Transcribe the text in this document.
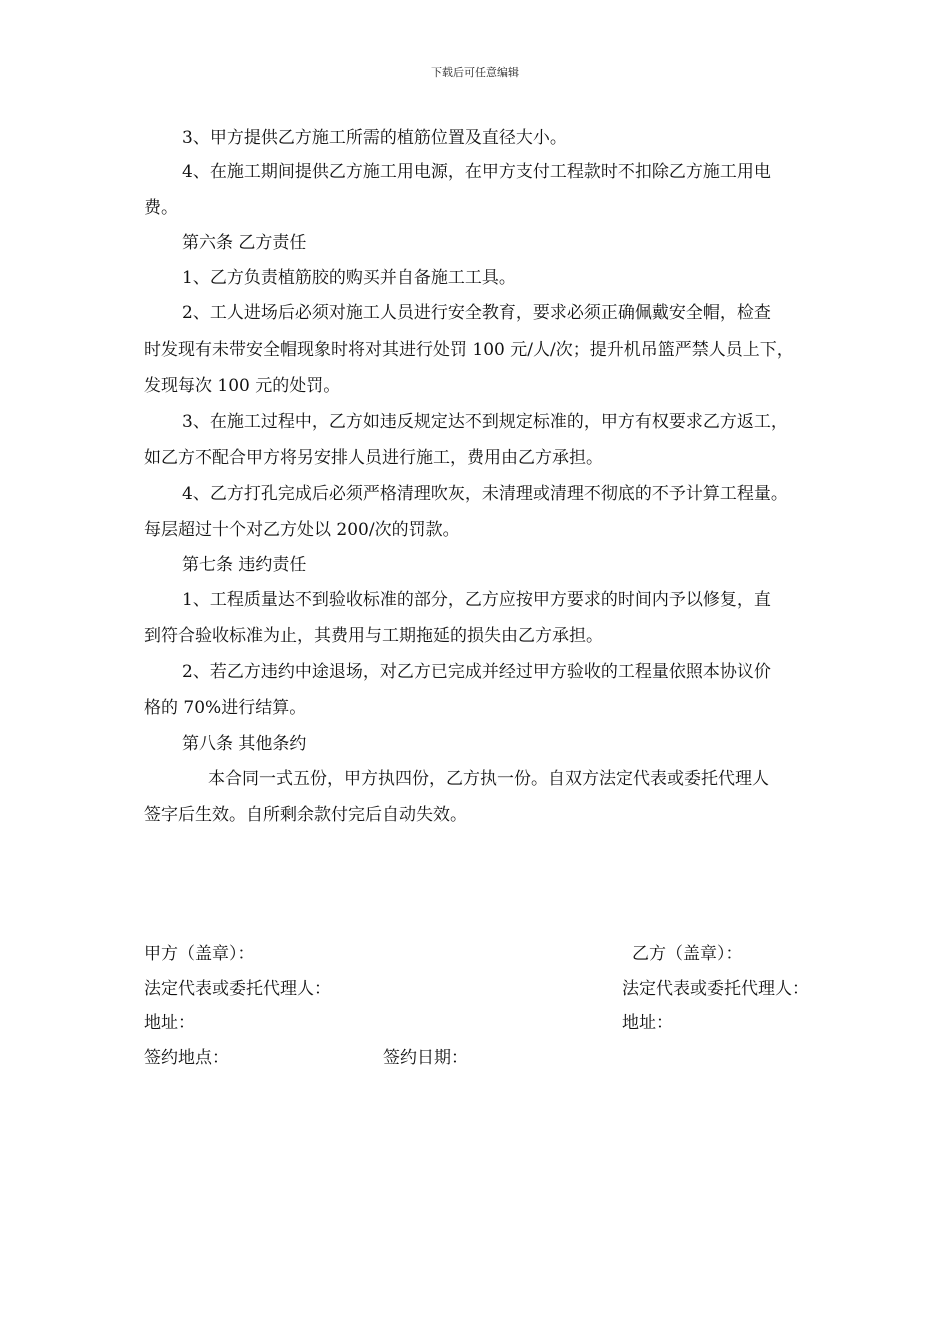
下载后可任意编辑
3、甲方提供乙方施工所需的植筋位置及直径大小。
4、在施工期间提供乙方施工用电源，在甲方支付工程款时不扣除乙方施工用电
费。
第六条 乙方责任
1、乙方负责植筋胶的购买并自备施工工具。
2、工人进场后必须对施工人员进行安全教育，要求必须正确佩戴安全帽，检查
时发现有未带安全帽现象时将对其进行处罚 100 元/人/次；提升机吊篮严禁人员上下，
发现每次 100 元的处罚。
3、在施工过程中，乙方如违反规定达不到规定标准的，甲方有权要求乙方返工，
如乙方不配合甲方将另安排人员进行施工，费用由乙方承担。
4、乙方打孔完成后必须严格清理吹灰，未清理或清理不彻底的不予计算工程量。
每层超过十个对乙方处以 200/次的罚款。
第七条 违约责任
1、工程质量达不到验收标准的部分，乙方应按甲方要求的时间内予以修复，直
到符合验收标准为止，其费用与工期拖延的损失由乙方承担。
2、若乙方违约中途退场，对乙方已完成并经过甲方验收的工程量依照本协议价
格的 70%进行结算。
第八条 其他条约
本合同一式五份，甲方执四份，乙方执一份。自双方法定代表或委托代理人
签字后生效。自所剩余款付完后自动失效。
甲方（盖章）：	乙方（盖章）：
法定代表或委托代理人：	法定代表或委托代理人：
地址：	地址：
签约地点：	签约日期：
